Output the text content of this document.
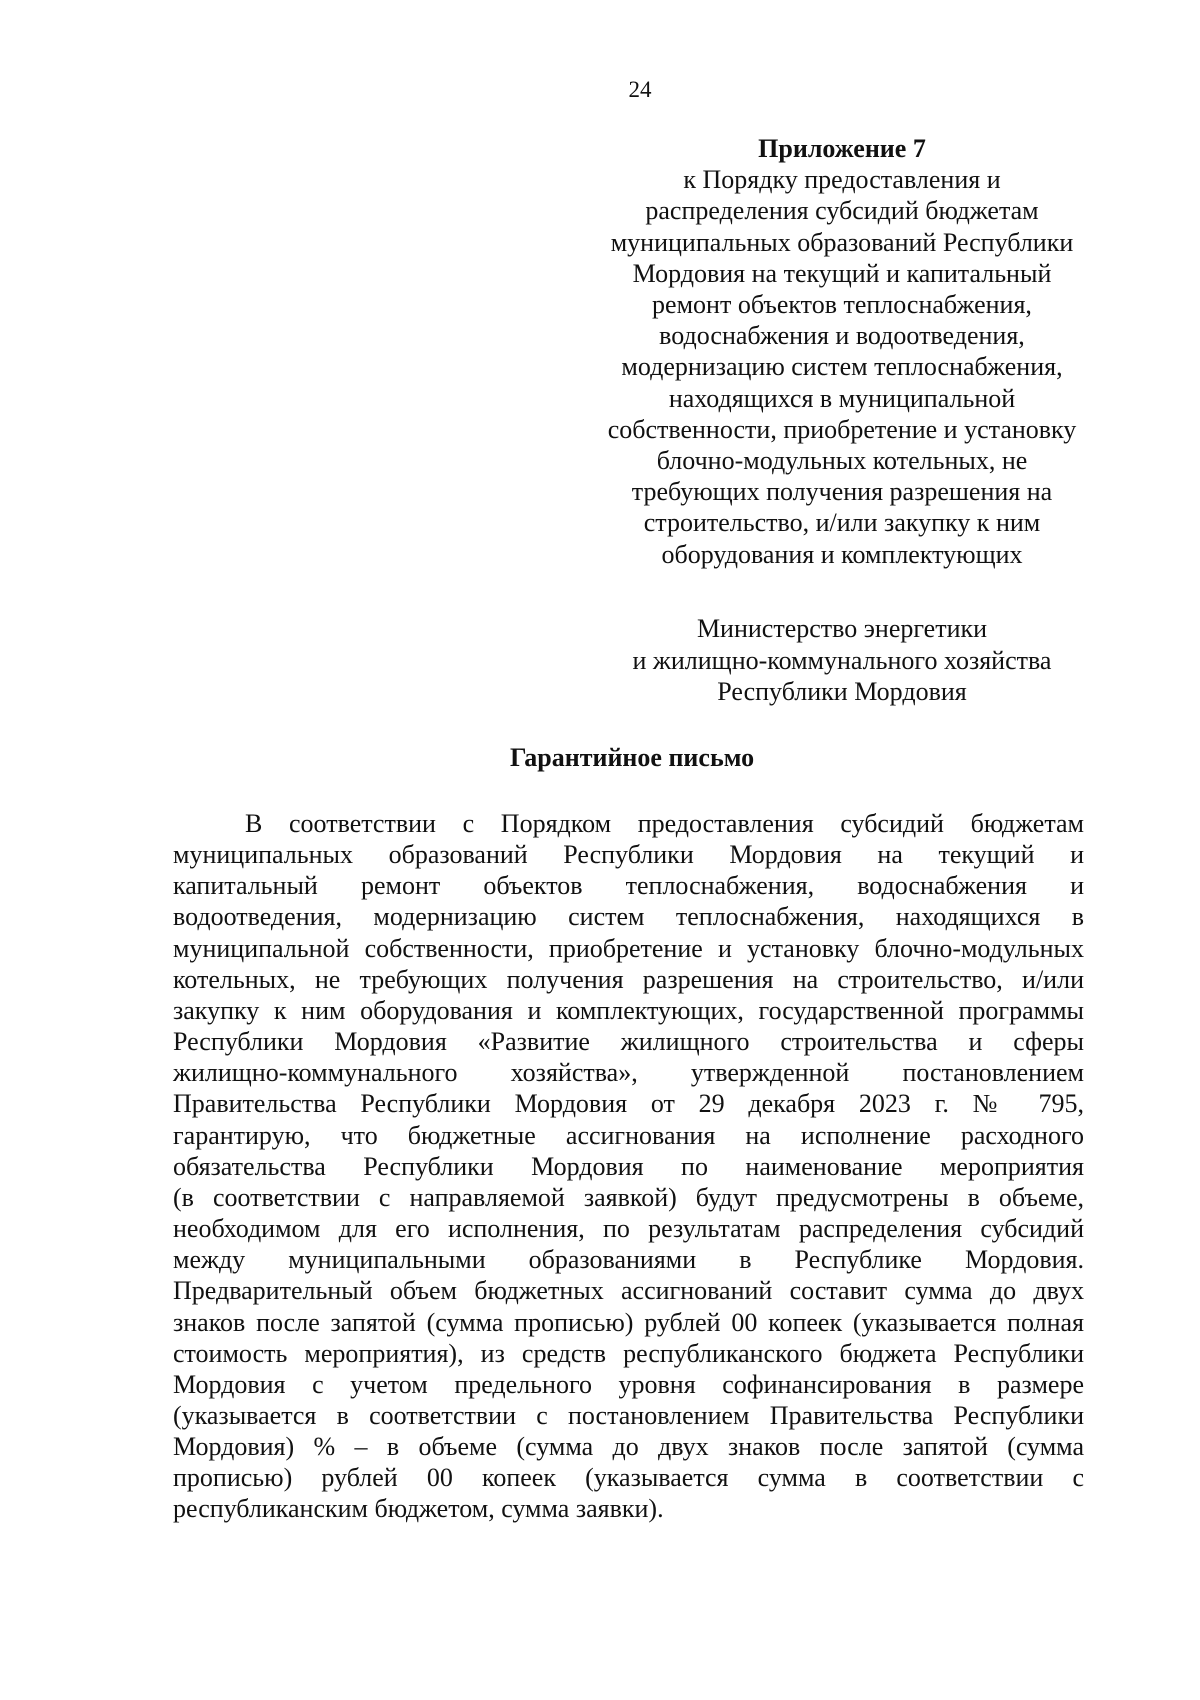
24
Приложение 7
к Порядку предоставления и
распределения субсидий бюджетам
муниципальных образований Республики
Мордовия на текущий и капитальный
ремонт объектов теплоснабжения,
водоснабжения и водоотведения,
модернизацию систем теплоснабжения,
находящихся в муниципальной
собственности, приобретение и установку
блочно-модульных котельных, не
требующих получения разрешения на
строительство, и/или закупку к ним
оборудования и комплектующих
Министерство энергетики
и жилищно-коммунального хозяйства
Республики Мордовия
Гарантийное письмо
В соответствии с Порядком предоставления субсидий бюджетам
муниципальных образований Республики Мордовия на текущий и
капитальный ремонт объектов теплоснабжения, водоснабжения и
водоотведения, модернизацию систем теплоснабжения, находящихся в
муниципальной собственности, приобретение и установку блочно-модульных
котельных, не требующих получения разрешения на строительство, и/или
закупку к ним оборудования и комплектующих, государственной программы
Республики Мордовия «Развитие жилищного строительства и сферы
жилищно-коммунального хозяйства», утвержденной постановлением
Правительства Республики Мордовия от 29 декабря 2023 г. № 795,
гарантирую, что бюджетные ассигнования на исполнение расходного
обязательства Республики Мордовия по наименование мероприятия
(в соответствии с направляемой заявкой) будут предусмотрены в объеме,
необходимом для его исполнения, по результатам распределения субсидий
между муниципальными образованиями в Республике Мордовия.
Предварительный объем бюджетных ассигнований составит сумма до двух
знаков после запятой (сумма прописью) рублей 00 копеек (указывается полная
стоимость мероприятия), из средств республиканского бюджета Республики
Мордовия с учетом предельного уровня софинансирования в размере
(указывается в соответствии с постановлением Правительства Республики
Мордовия) % – в объеме (сумма до двух знаков после запятой (сумма
прописью) рублей 00 копеек (указывается сумма в соответствии с
республиканским бюджетом, сумма заявки).
